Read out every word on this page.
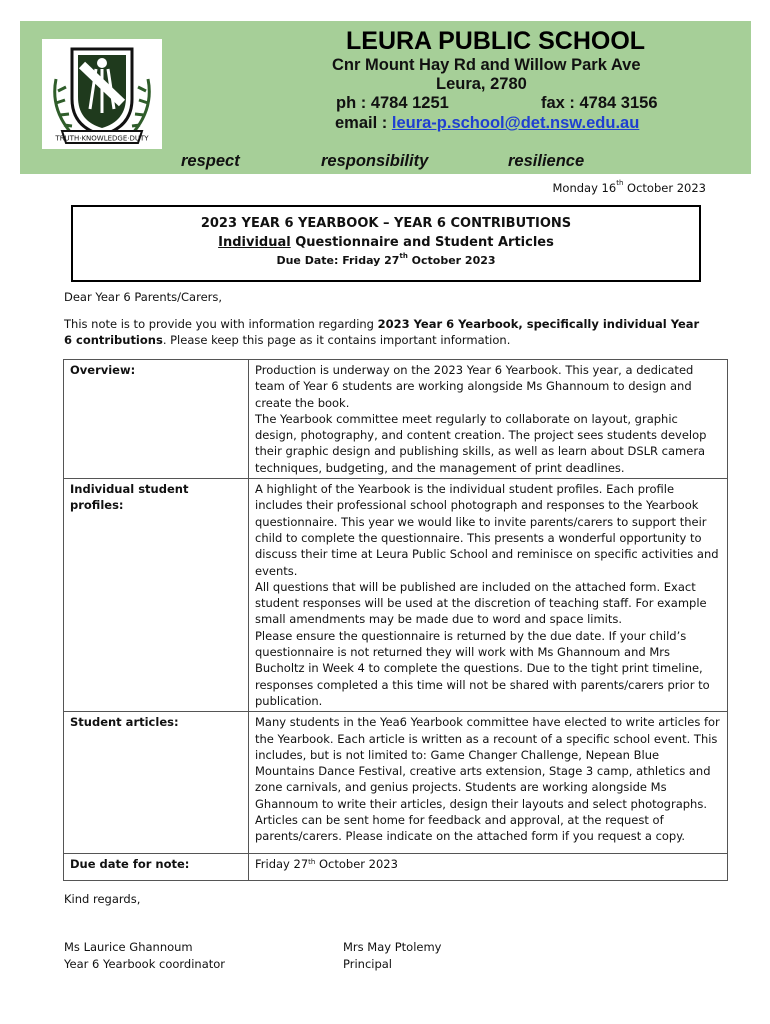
TRUTH·KNOWLEDGE·DUTY
LEURA PUBLIC SCHOOL
Cnr Mount Hay Rd and Willow Park Ave
Leura, 2780
ph : 4784 1251	fax : 4784 3156
email : leura-p.school@det.nsw.edu.au
respect	responsibility	resilience
Monday 16th October 2023
2023 YEAR 6 YEARBOOK – YEAR 6 CONTRIBUTIONS
Individual Questionnaire and Student Articles
Due Date: Friday 27th October 2023
Dear Year 6 Parents/Carers,
This note is to provide you with information regarding 2023 Year 6 Yearbook, specifically individual Year 6 contributions. Please keep this page as it contains important information.
Overview:	Production is underway on the 2023 Year 6 Yearbook. This year, a dedicated team of Year 6 students are working alongside Ms Ghannoum to design and create the book.
The Yearbook committee meet regularly to collaborate on layout, graphic design, photography, and content creation. The project sees students develop their graphic design and publishing skills, as well as learn about DSLR camera techniques, budgeting, and the management of print deadlines.

Individual student profiles:	A highlight of the Yearbook is the individual student profiles. Each profile includes their professional school photograph and responses to the Yearbook questionnaire. This year we would like to invite parents/carers to support their child to complete the questionnaire. This presents a wonderful opportunity to discuss their time at Leura Public School and reminisce on specific activities and events.
All questions that will be published are included on the attached form. Exact student responses will be used at the discretion of teaching staff. For example small amendments may be made due to word and space limits.
Please ensure the questionnaire is returned by the due date. If your child’s questionnaire is not returned they will work with Ms Ghannoum and Mrs Bucholtz in Week 4 to complete the questions. Due to the tight print timeline, responses completed a this time will not be shared with parents/carers prior to publication.

Student articles:	Many students in the Yea6 Yearbook committee have elected to write articles for the Yearbook. Each article is written as a recount of a specific school event. This includes, but is not limited to: Game Changer Challenge, Nepean Blue Mountains Dance Festival, creative arts extension, Stage 3 camp, athletics and zone carnivals, and genius projects. Students are working alongside Ms Ghannoum to write their articles, design their layouts and select photographs. Articles can be sent home for feedback and approval, at the request of parents/carers. Please indicate on the attached form if you request a copy.

Due date for note:	Friday 27th October 2023
Kind regards,
Ms Laurice Ghannoum
Year 6 Yearbook coordinator
Mrs May Ptolemy
Principal
